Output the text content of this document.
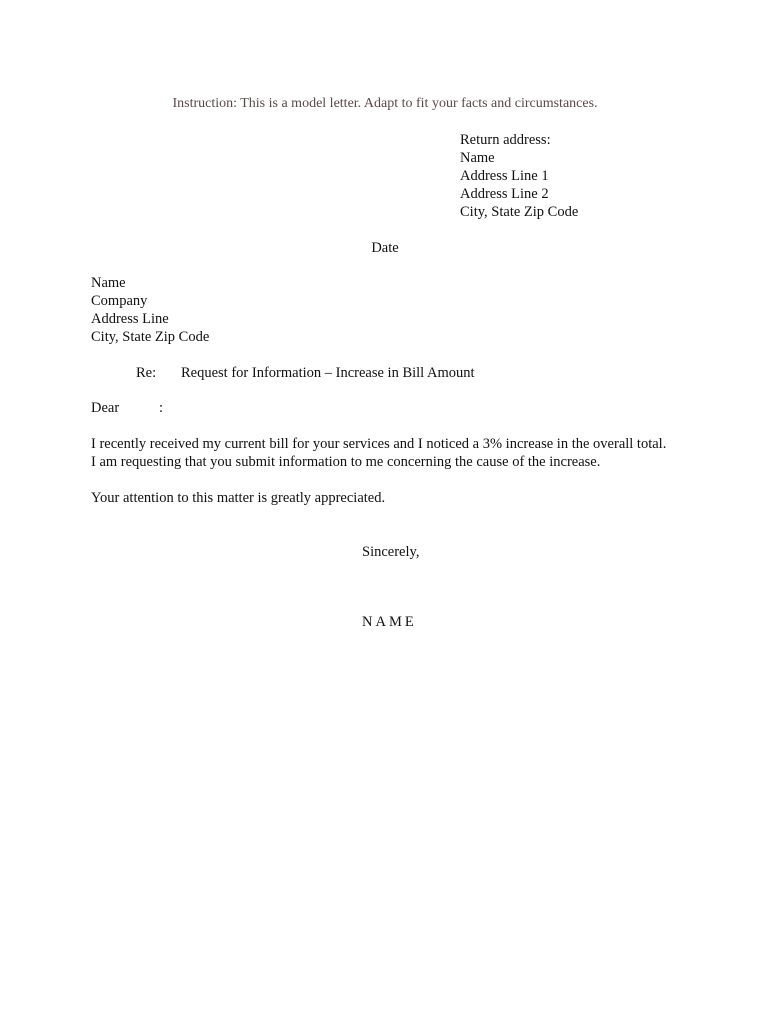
Instruction: This is a model letter. Adapt to fit your facts and circumstances.
Return address:
Name
Address Line 1
Address Line 2
City, State Zip Code
Date
Name
Company
Address Line
City, State Zip Code
Re: Request for Information – Increase in Bill Amount
Dear	:
I recently received my current bill for your services and I noticed a 3% increase in the overall total.
I am requesting that you submit information to me concerning the cause of the increase.
Your attention to this matter is greatly appreciated.
Sincerely,
NAME
